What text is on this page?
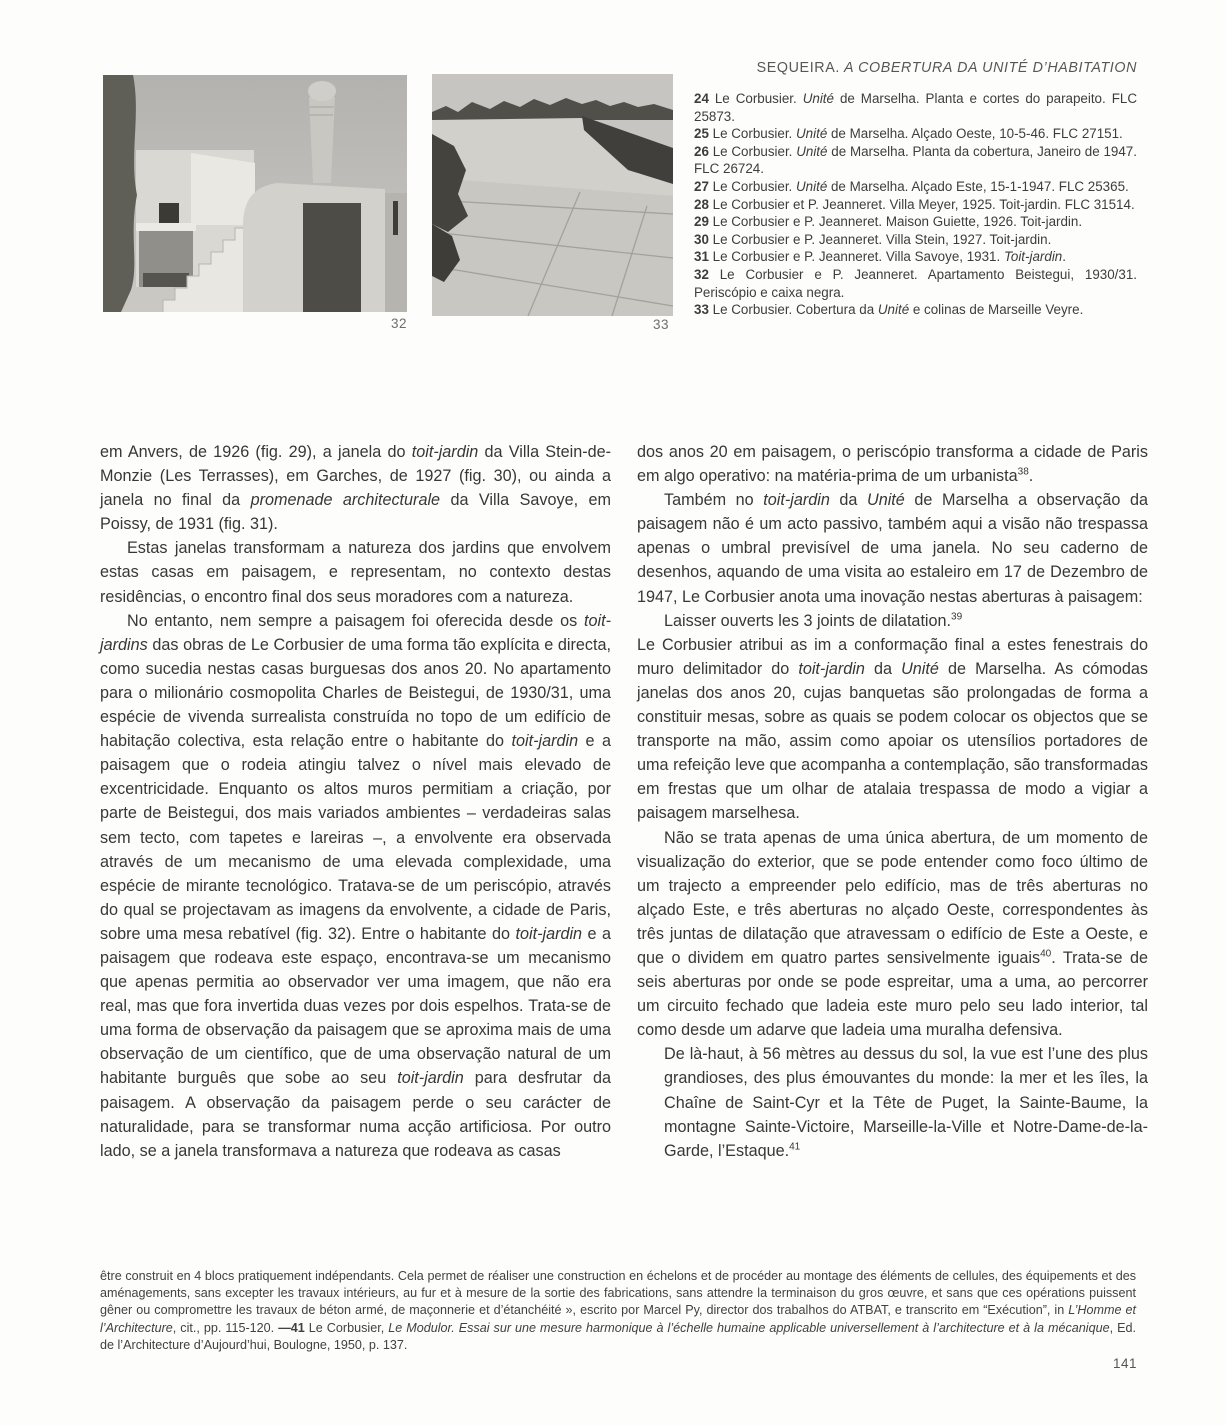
32	33
SEQUEIRA. A COBERTURA DA UNITÉ D’HABITATION

24 Le Corbusier. Unité de Marselha. Planta e cortes do parapeito. FLC 25873.

25 Le Corbusier. Unité de Marselha. Alçado Oeste, 10-5-46. FLC 27151.

26 Le Corbusier. Unité de Marselha. Planta da cobertura, Janeiro de 1947. FLC 26724.

27 Le Corbusier. Unité de Marselha. Alçado Este, 15-1-1947. FLC 25365.

28 Le Corbusier et P. Jeanneret. Villa Meyer, 1925. Toit-jardin. FLC 31514.

29 Le Corbusier e P. Jeanneret. Maison Guiette, 1926. Toit-jardin.

30 Le Corbusier e P. Jeanneret. Villa Stein, 1927. Toit-jardin.

31 Le Corbusier e P. Jeanneret. Villa Savoye, 1931. Toit-jardin.

32 Le Corbusier e P. Jeanneret. Apartamento Beistegui, 1930/31. Periscópio e caixa negra.

33 Le Corbusier. Cobertura da Unité e colinas de Marseille Veyre.

em Anvers, de 1926 (fig. 29), a janela do toit-jardin da Villa Stein-de-Monzie (Les Terrasses), em Garches, de 1927 (fig. 30), ou ainda a janela no final da promenade architecturale da Villa Savoye, em Poissy, de 1931 (fig. 31).

Estas janelas transformam a natureza dos jardins que envolvem estas casas em paisagem, e representam, no contexto destas residências, o encontro final dos seus moradores com a natureza.

No entanto, nem sempre a paisagem foi oferecida desde os toit-jardins das obras de Le Corbusier de uma forma tão explícita e directa, como sucedia nestas casas burguesas dos anos 20. No apartamento para o milionário cosmopolita Charles de Beistegui, de 1930/31, uma espécie de vivenda surrealista construída no topo de um edifício de habitação colectiva, esta relação entre o habitante do toit-jardin e a paisagem que o rodeia atingiu talvez o nível mais elevado de excentricidade. Enquanto os altos muros permitiam a criação, por parte de Beistegui, dos mais variados ambientes – verdadeiras salas sem tecto, com tapetes e lareiras –, a envolvente era observada através de um mecanismo de uma elevada complexidade, uma espécie de mirante tecnológico. Tratava-se de um periscópio, através do qual se projectavam as imagens da envolvente, a cidade de Paris, sobre uma mesa rebatível (fig. 32). Entre o habitante do toit-jardin e a paisagem que rodeava este espaço, encontrava-se um mecanismo que apenas permitia ao observador ver uma imagem, que não era real, mas que fora invertida duas vezes por dois espelhos. Trata-se de uma forma de observação da paisagem que se aproxima mais de uma observação de um científico, que de uma observação natural de um habitante burguês que sobe ao seu toit-jardin para desfrutar da paisagem. A observação da paisagem perde o seu carácter de naturalidade, para se transformar numa acção artificiosa. Por outro lado, se a janela transformava a natureza que rodeava as casas

dos anos 20 em paisagem, o periscópio transforma a cidade de Paris em algo operativo: na matéria-prima de um urbanista$^{38}$.

Também no toit-jardin da Unité de Marselha a observação da paisagem não é um acto passivo, também aqui a visão não trespassa apenas o umbral previsível de uma janela. No seu caderno de desenhos, aquando de uma visita ao estaleiro em 17 de Dezembro de 1947, Le Corbusier anota uma inovação nestas aberturas à paisagem:

Laisser ouverts les 3 joints de dilatation.$^{39}$

Le Corbusier atribui as im a conformação final a estes fenestrais do muro delimitador do toit-jardin da Unité de Marselha. As cómodas janelas dos anos 20, cujas banquetas são prolongadas de forma a constituir mesas, sobre as quais se podem colocar os objectos que se transporte na mão, assim como apoiar os utensílios portadores de uma refeição leve que acompanha a contemplação, são transformadas em frestas que um olhar de atalaia trespassa de modo a vigiar a paisagem marselhesa.

Não se trata apenas de uma única abertura, de um momento de visualização do exterior, que se pode entender como foco último de um trajecto a empreender pelo edifício, mas de três aberturas no alçado Este, e três aberturas no alçado Oeste, correspondentes às três juntas de dilatação que atravessam o edifício de Este a Oeste, e que o dividem em quatro partes sensivelmente iguais$^{40}$. Trata-se de seis aberturas por onde se pode espreitar, uma a uma, ao percorrer um circuito fechado que ladeia este muro pelo seu lado interior, tal como desde um adarve que ladeia uma muralha defensiva.

De là-haut, à 56 mètres au dessus du sol, la vue est l’une des plus grandioses, des plus émouvantes du monde: la mer et les îles, la Chaîne de Saint-Cyr et la Tête de Puget, la Sainte-Baume, la montagne Sainte-Victoire, Marseille-la-Ville et Notre-Dame-de-la-Garde, l’Estaque.$^{41}$

être construit en 4 blocs pratiquement indépendants. Cela permet de réaliser une construction en échelons et de procéder au montage des éléments de cellules, des équipements et des aménagements, sans excepter les travaux intérieurs, au fur et à mesure de la sortie des fabrications, sans attendre la terminaison du gros œuvre, et sans que ces opérations puissent gêner ou compromettre les travaux de béton armé, de maçonnerie et d’étanchéité », escrito por Marcel Py, director dos trabalhos do ATBAT, e transcrito em “Exécution”, in L’Homme et l’Architecture, cit., pp. 115-120. —41 Le Corbusier, Le Modulor. Essai sur une mesure harmonique à l’échelle humaine applicable universellement à l’architecture et à la mécanique, Ed. de l’Architecture d’Aujourd’hui, Boulogne, 1950, p. 137.

141
